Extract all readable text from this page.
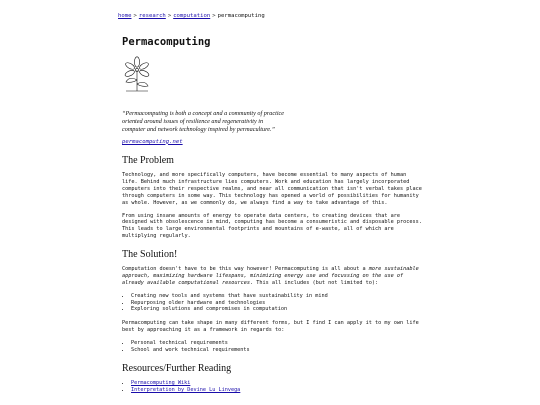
home > research > computation > permacomputing
Permacomputing
“Permacomputing is both a concept and a community of practice oriented around issues of resilience and regenerativity in computer and network technology inspired by permaculture.”
permacomputing.net
The Problem

Technology, and more specifically computers, have become essential to many aspects of human life. Behind much infrastructure lies computers. Work and education has largely incorporated computers into their respective realms, and near all communication that isn't verbal takes place through computers in some way. This technology has opened a world of possibilities for humanity as whole. However, as we commonly do, we always find a way to take advantage of this.

From using insane amounts of energy to operate data centers, to creating devices that are designed with obsolescence in mind, computing has become a consumeristic and disposable process. This leads to large environmental footprints and mountains of e-waste, all of which are multiplying regularly.

The Solution!

Computation doesn't have to be this way however! Permacomputing is all about a more sustainable approach, maximizing hardware lifespans, minimizing energy use and focussing on the use of already available computational resources. This all includes (but not limited to):

• Creating new tools and systems that have sustainability in mind
• Repurposing older hardware and technologies
• Exploring solutions and compromises in computation

Permacomputing can take shape in many different forms, but I find I can apply it to my own life best by approaching it as a framework in regards to:

• Personal technical requirements
• School and work technical requirements
Resources/Further Reading
• Permacomputing Wiki
• Interpretation by Devine Lu Linvega
